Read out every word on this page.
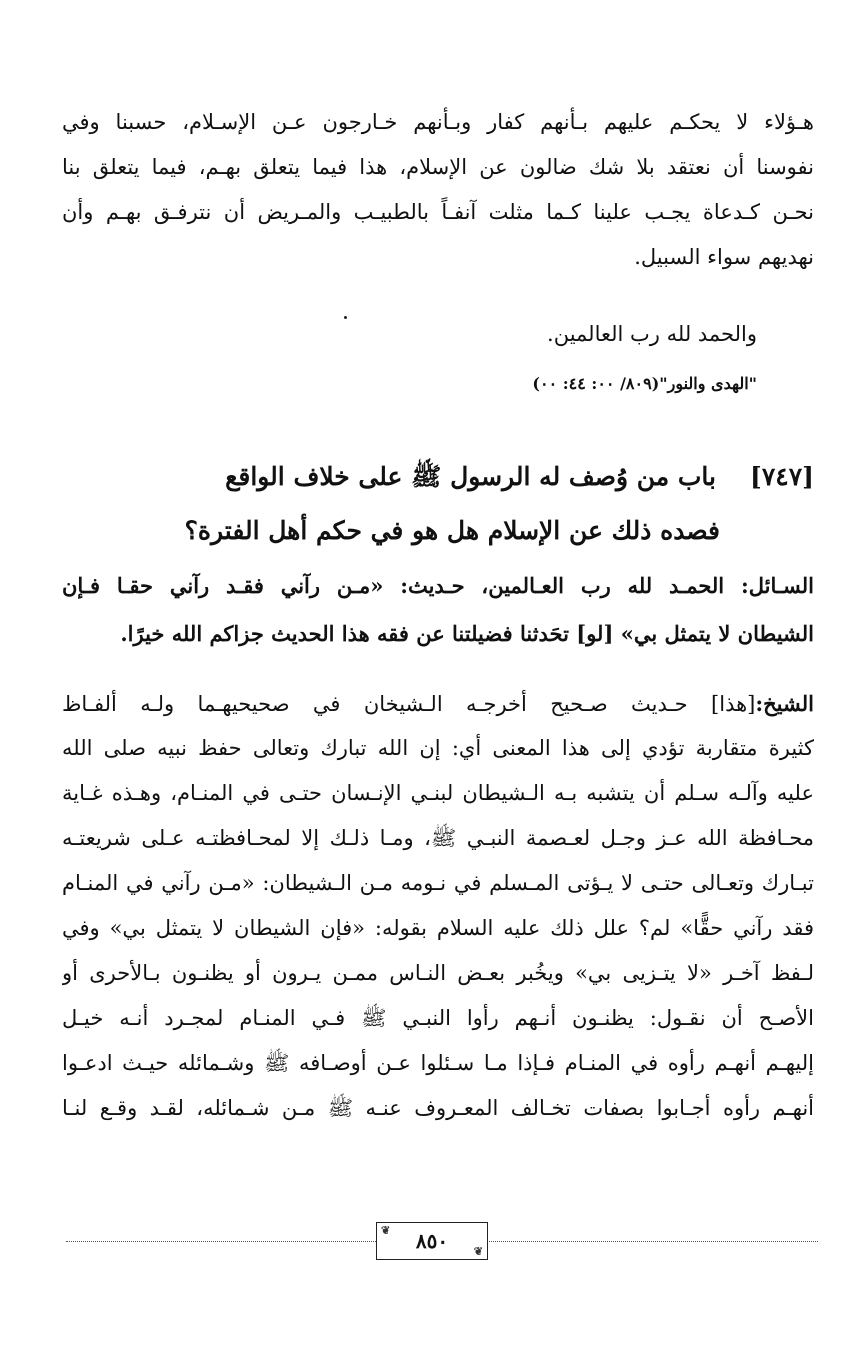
هـؤلاء لا يحكـم عليهم بـأنهم كفار وبـأنهم خـارجون عـن الإسـلام، حسبنا وفي
نفوسنا أن نعتقد بلا شك ضالون عن الإسلام، هذا فيما يتعلق بهـم، فيما يتعلق بنا
نحـن كـدعاة يجـب علينا كـما مثلت آنفـاً بالطبيـب والمـريض أن نترفـق بهـم وأن
نهديهم سواء السبيل.
والحمد لله رب العالمين.
"الهدى والنور"(٨٠٩/ ٠٠: ٤٤: ٠٠)
[٧٤٧]باب من وُصف له الرسول ﷺ على خلاف الواقع
فصده ذلك عن الإسلام هل هو في حكم أهل الفترة؟
السـائل: الحمـد لله رب العـالمين، حـديث: «مـن رآني فقـد رآني حقـا فـإن
الشيطان لا يتمثل بي» [لو] تحَدثنا فضيلتنا عن فقه هذا الحديث جزاكم الله خيرًا.
الشيخ:[هذا] حـديث صـحيح أخرجـه الـشيخان في صحيحيهـما ولـه ألفـاظ
كثيرة متقاربة تؤدي إلى هذا المعنى أي: إن الله تبارك وتعالى حفظ نبيه صلى الله
عليه وآلـه سـلم أن يتشبه بـه الـشيطان لبنـي الإنـسان حتـى في المنـام، وهـذه غـاية
محـافظة الله عـز وجـل لعـصمة النبـي ﷺ، ومـا ذلـك إلا لمحـافظتـه عـلى شريعتـه
تبـارك وتعـالى حتـى لا يـؤتى المـسلم في نـومه مـن الـشيطان: «مـن رآني في المنـام
فقد رآني حقًّا» لم؟ علل ذلك عليه السلام بقوله: «فإن الشيطان لا يتمثل بي» وفي
لـفظ آخـر «لا يتـزيى بي» ويخُبر بعـض النـاس ممـن يـرون أو يظنـون بـالأحرى أو
الأصـح أن نقـول: يظنـون أنـهم رأوا النبـي ﷺ فـي المنـام لمجـرد أنـه خيـل
إليهـم أنهـم رأوه في المنـام فـإذا مـا سـئلوا عـن أوصـافه ﷺ وشـمائله حيـث ادعـوا
أنهـم رأوه أجـابوا بصفات تخـالف المعـروف عنـه ﷺ مـن شـمائله، لقـد وقـع لنـا
❦ ٨٥٠ ❦
